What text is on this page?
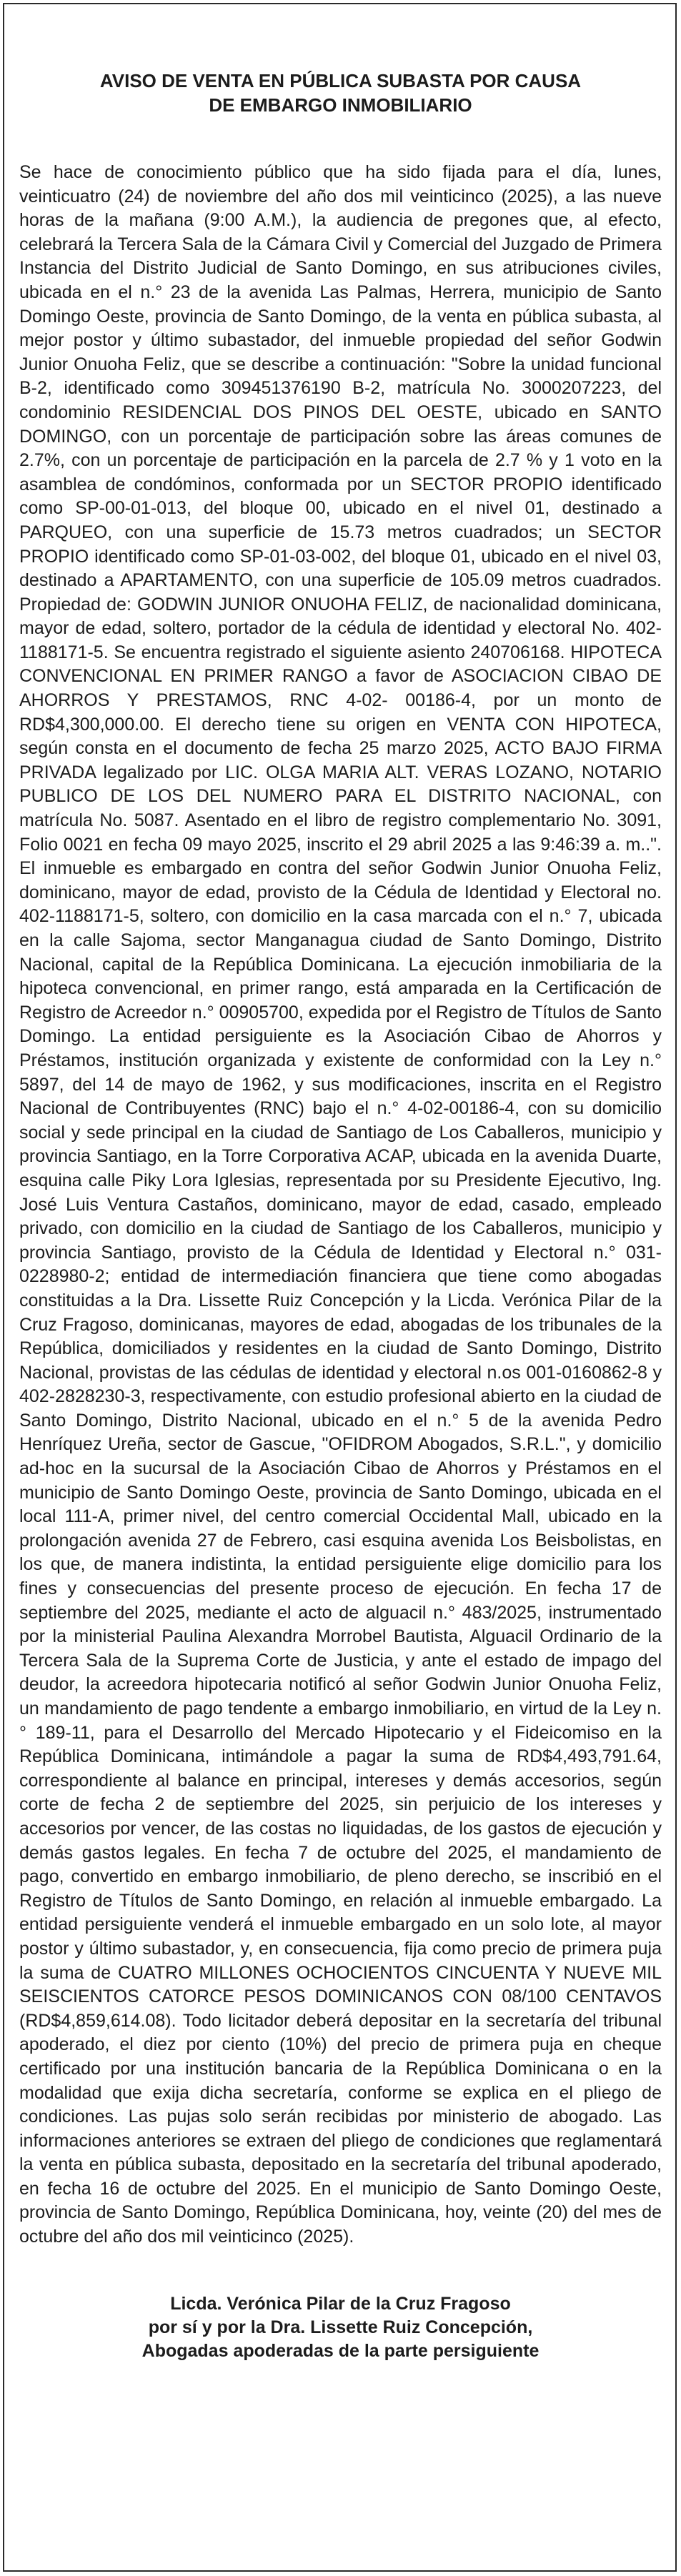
AVISO DE VENTA EN PÚBLICA SUBASTA POR CAUSA
DE EMBARGO INMOBILIARIO

Se hace de conocimiento público que ha sido fijada para el día, lunes, veinticuatro (24) de noviembre del año dos mil veinticinco (2025), a las nueve horas de la mañana (9:00 A.M.), la audiencia de pregones que, al efecto, celebrará la Tercera Sala de la Cámara Civil y Comercial del Juzgado de Primera Instancia del Distrito Judicial de Santo Domingo, en sus atribuciones civiles, ubicada en el n.° 23 de la avenida Las Palmas, Herrera, municipio de Santo Domingo Oeste, provincia de Santo Domingo, de la venta en pública subasta, al mejor postor y último subastador, del inmueble propiedad del señor Godwin Junior Onuoha Feliz, que se describe a continuación: "Sobre la unidad funcional B-2, identificado como 309451376190 B-2, matrícula No. 3000207223, del condominio RESIDENCIAL DOS PINOS DEL OESTE, ubicado en SANTO DOMINGO, con un porcentaje de participación sobre las áreas comunes de 2.7%, con un porcentaje de participación en la parcela de 2.7 % y 1 voto en la asamblea de condóminos, conformada por un SECTOR PROPIO identificado como SP-00-01-013, del bloque 00, ubicado en el nivel 01, destinado a PARQUEO, con una superficie de 15.73 metros cuadrados; un SECTOR PROPIO identificado como SP-01-03-002, del bloque 01, ubicado en el nivel 03, destinado a APARTAMENTO, con una superficie de 105.09 metros cuadrados. Propiedad de: GODWIN JUNIOR ONUOHA FELIZ, de nacionalidad dominicana, mayor de edad, soltero, portador de la cédula de identidad y electoral No. 402-1188171-5. Se encuentra registrado el siguiente asiento 240706168. HIPOTECA CONVENCIONAL EN PRIMER RANGO a favor de ASOCIACION CIBAO DE AHORROS Y PRESTAMOS, RNC 4-02- 00186-4, por un monto de RD$4,300,000.00. El derecho tiene su origen en VENTA CON HIPOTECA, según consta en el documento de fecha 25 marzo 2025, ACTO BAJO FIRMA PRIVADA legalizado por LIC. OLGA MARIA ALT. VERAS LOZANO, NOTARIO PUBLICO DE LOS DEL NUMERO PARA EL DISTRITO NACIONAL, con matrícula No. 5087. Asentado en el libro de registro complementario No. 3091, Folio 0021 en fecha 09 mayo 2025, inscrito el 29 abril 2025 a las 9:46:39 a. m..". El inmueble es embargado en contra del señor Godwin Junior Onuoha Feliz, dominicano, mayor de edad, provisto de la Cédula de Identidad y Electoral no. 402-1188171-5, soltero, con domicilio en la casa marcada con el n.° 7, ubicada en la calle Sajoma, sector Manganagua ciudad de Santo Domingo, Distrito Nacional, capital de la República Dominicana. La ejecución inmobiliaria de la hipoteca convencional, en primer rango, está amparada en la Certificación de Registro de Acreedor n.° 00905700, expedida por el Registro de Títulos de Santo Domingo. La entidad persiguiente es la Asociación Cibao de Ahorros y Préstamos, institución organizada y existente de conformidad con la Ley n.° 5897, del 14 de mayo de 1962, y sus modificaciones, inscrita en el Registro Nacional de Contribuyentes (RNC) bajo el n.° 4-02-00186-4, con su domicilio social y sede principal en la ciudad de Santiago de Los Caballeros, municipio y provincia Santiago, en la Torre Corporativa ACAP, ubicada en la avenida Duarte, esquina calle Piky Lora Iglesias, representada por su Presidente Ejecutivo, Ing. José Luis Ventura Castaños, dominicano, mayor de edad, casado, empleado privado, con domicilio en la ciudad de Santiago de los Caballeros, municipio y provincia Santiago, provisto de la Cédula de Identidad y Electoral n.° 031-0228980-2; entidad de intermediación financiera que tiene como abogadas constituidas a la Dra. Lissette Ruiz Concepción y la Licda. Verónica Pilar de la Cruz Fragoso, dominicanas, mayores de edad, abogadas de los tribunales de la República, domiciliados y residentes en la ciudad de Santo Domingo, Distrito Nacional, provistas de las cédulas de identidad y electoral n.os 001-0160862-8 y 402-2828230-3, respectivamente, con estudio profesional abierto en la ciudad de Santo Domingo, Distrito Nacional, ubicado en el n.° 5 de la avenida Pedro Henríquez Ureña, sector de Gascue, "OFIDROM Abogados, S.R.L.", y domicilio ad-hoc en la sucursal de la Asociación Cibao de Ahorros y Préstamos en el municipio de Santo Domingo Oeste, provincia de Santo Domingo, ubicada en el local 111-A, primer nivel, del centro comercial Occidental Mall, ubicado en la prolongación avenida 27 de Febrero, casi esquina avenida Los Beisbolistas, en los que, de manera indistinta, la entidad persiguiente elige domicilio para los fines y consecuencias del presente proceso de ejecución. En fecha 17 de septiembre del 2025, mediante el acto de alguacil n.° 483/2025, instrumentado por la ministerial Paulina Alexandra Morrobel Bautista, Alguacil Ordinario de la Tercera Sala de la Suprema Corte de Justicia, y ante el estado de impago del deudor, la acreedora hipotecaria notificó al señor Godwin Junior Onuoha Feliz, un mandamiento de pago tendente a embargo inmobiliario, en virtud de la Ley n.° 189-11, para el Desarrollo del Mercado Hipotecario y el Fideicomiso en la República Dominicana, intimándole a pagar la suma de RD$4,493,791.64, correspondiente al balance en principal, intereses y demás accesorios, según corte de fecha 2 de septiembre del 2025, sin perjuicio de los intereses y accesorios por vencer, de las costas no liquidadas, de los gastos de ejecución y demás gastos legales. En fecha 7 de octubre del 2025, el mandamiento de pago, convertido en embargo inmobiliario, de pleno derecho, se inscribió en el Registro de Títulos de Santo Domingo, en relación al inmueble embargado. La entidad persiguiente venderá el inmueble embargado en un solo lote, al mayor postor y último subastador, y, en consecuencia, fija como precio de primera puja la suma de CUATRO MILLONES OCHOCIENTOS CINCUENTA Y NUEVE MIL SEISCIENTOS CATORCE PESOS DOMINICANOS CON 08/100 CENTAVOS (RD$4,859,614.08). Todo licitador deberá depositar en la secretaría del tribunal apoderado, el diez por ciento (10%) del precio de primera puja en cheque certificado por una institución bancaria de la República Dominicana o en la modalidad que exija dicha secretaría, conforme se explica en el pliego de condiciones. Las pujas solo serán recibidas por ministerio de abogado. Las informaciones anteriores se extraen del pliego de condiciones que reglamentará la venta en pública subasta, depositado en la secretaría del tribunal apoderado, en fecha 16 de octubre del 2025. En el municipio de Santo Domingo Oeste, provincia de Santo Domingo, República Dominicana, hoy, veinte (20) del mes de octubre del año dos mil veinticinco (2025).

Licda. Verónica Pilar de la Cruz Fragoso
por sí y por la Dra. Lissette Ruiz Concepción,
Abogadas apoderadas de la parte persiguiente
